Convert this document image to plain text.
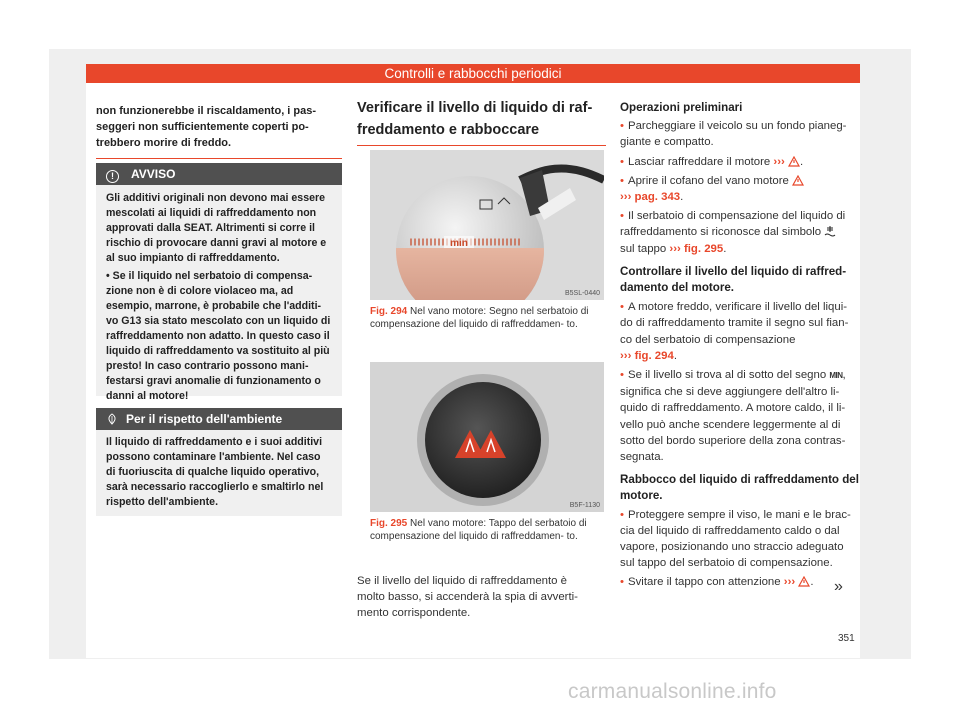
Controlli e rabbocchi periodici

non funzionerebbe il riscaldamento, i pas- seggeri non sufficientemente coperti po- trebbero morire di freddo.

! AVVISO

Gli additivi originali non devono mai essere mescolati ai liquidi di raffreddamento non approvati dalla SEAT. Altrimenti si corre il rischio di provocare danni gravi al motore e al suo impianto di raffreddamento.

• Se il liquido nel serbatoio di compensa- zione non è di colore violaceo ma, ad esempio, marrone, è probabile che l'additi- vo G13 sia stato mescolato con un liquido di raffreddamento non adatto. In questo caso il liquido di raffreddamento va sostituito al più presto! In caso contrario possono mani- festarsi gravi anomalie di funzionamento o danni al motore!

Per il rispetto dell'ambiente

Il liquido di raffreddamento e i suoi additivi possono contaminare l'ambiente. Nel caso di fuoriuscita di qualche liquido operativo, sarà necessario raccoglierlo e smaltirlo nel rispetto dell'ambiente.

Verificare il livello di liquido di raf-
freddamento e rabboccare
min
B5SL-0440
Fig. 294 Nel vano motore: Segno nel serbatoio di compensazione del liquido di raffreddamen- to.
B5F-1130
Fig. 295 Nel vano motore: Tappo del serbatoio di compensazione del liquido di raffreddamen- to.

Se il livello del liquido di raffreddamento è molto basso, si accenderà la spia di avverti- mento corrispondente.

Operazioni preliminari

• Parcheggiare il veicolo su un fondo pianeg- giante e compatto.

• Lasciar raffreddare il motore ››› .

• Aprire il cofano del vano motore
››› pag. 343.

• Il serbatoio di compensazione del liquido di raffreddamento si riconosce dal simbolo
sul tappo ››› fig. 295.

Controllare il livello del liquido di raffred- damento del motore.

• A motore freddo, verificare il livello del liqui- do di raffreddamento tramite il segno sul fian- co del serbatoio di compensazione
››› fig. 294.

• Se il livello si trova al di sotto del segno MIN, significa che si deve aggiungere dell'altro li- quido di raffreddamento. A motore caldo, il li- vello può anche scendere leggermente al di sotto del bordo superiore della zona contras- segnata.

Rabbocco del liquido di raffreddamento del motore.

• Proteggere sempre il viso, le mani e le brac- cia del liquido di raffreddamento caldo o dal vapore, posizionando uno straccio adeguato sul tappo del serbatoio di compensazione.

• Svitare il tappo con attenzione ››› .	»
351
carmanualsonline.info
